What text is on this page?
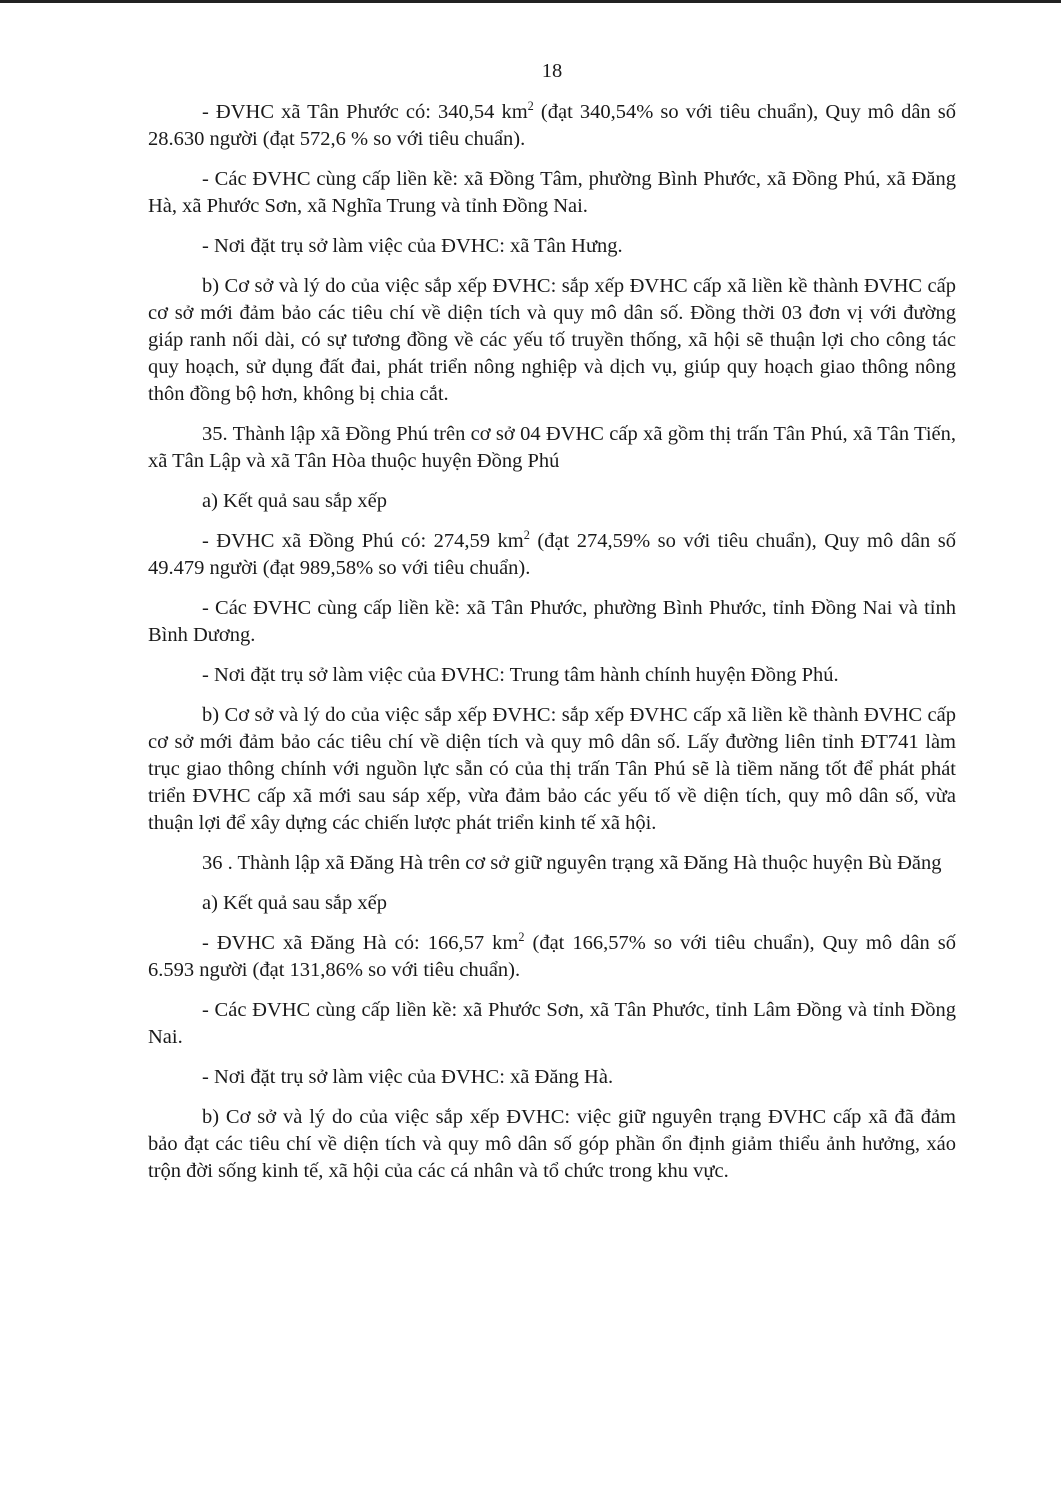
18

- ĐVHC xã Tân Phước có: 340,54 $km^2$ (đạt 340,54% so với tiêu chuẩn), Quy mô dân số 28.630 người (đạt 572,6 % so với tiêu chuẩn).

- Các ĐVHC cùng cấp liền kề: xã Đồng Tâm, phường Bình Phước, xã Đồng Phú, xã Đăng Hà, xã Phước Sơn, xã Nghĩa Trung và tỉnh Đồng Nai.

- Nơi đặt trụ sở làm việc của ĐVHC: xã Tân Hưng.

b) Cơ sở và lý do của việc sắp xếp ĐVHC: sắp xếp ĐVHC cấp xã liền kề thành ĐVHC cấp cơ sở mới đảm bảo các tiêu chí về diện tích và quy mô dân số. Đồng thời 03 đơn vị với đường giáp ranh nối dài, có sự tương đồng về các yếu tố truyền thống, xã hội sẽ thuận lợi cho công tác quy hoạch, sử dụng đất đai, phát triển nông nghiệp và dịch vụ, giúp quy hoạch giao thông nông thôn đồng bộ hơn, không bị chia cắt.

35. Thành lập xã Đồng Phú trên cơ sở 04 ĐVHC cấp xã gồm thị trấn Tân Phú, xã Tân Tiến, xã Tân Lập và xã Tân Hòa thuộc huyện Đồng Phú

a) Kết quả sau sắp xếp

- ĐVHC xã Đồng Phú có: 274,59 $km^2$ (đạt 274,59% so với tiêu chuẩn), Quy mô dân số 49.479 người (đạt 989,58% so với tiêu chuẩn).

- Các ĐVHC cùng cấp liền kề: xã Tân Phước, phường Bình Phước, tỉnh Đồng Nai và tỉnh Bình Dương.

- Nơi đặt trụ sở làm việc của ĐVHC: Trung tâm hành chính huyện Đồng Phú.

b) Cơ sở và lý do của việc sắp xếp ĐVHC: sắp xếp ĐVHC cấp xã liền kề thành ĐVHC cấp cơ sở mới đảm bảo các tiêu chí về diện tích và quy mô dân số. Lấy đường liên tỉnh ĐT741 làm trục giao thông chính với nguồn lực sẵn có của thị trấn Tân Phú sẽ là tiềm năng tốt để phát phát triển ĐVHC cấp xã mới sau sáp xếp, vừa đảm bảo các yếu tố về diện tích, quy mô dân số, vừa thuận lợi để xây dựng các chiến lược phát triển kinh tế xã hội.

36 . Thành lập xã Đăng Hà trên cơ sở giữ nguyên trạng xã Đăng Hà thuộc huyện Bù Đăng

a) Kết quả sau sắp xếp

- ĐVHC xã Đăng Hà có: 166,57 $km^2$ (đạt 166,57% so với tiêu chuẩn), Quy mô dân số 6.593 người (đạt 131,86% so với tiêu chuẩn).

- Các ĐVHC cùng cấp liền kề: xã Phước Sơn, xã Tân Phước, tỉnh Lâm Đồng và tỉnh Đồng Nai.

- Nơi đặt trụ sở làm việc của ĐVHC: xã Đăng Hà.

b) Cơ sở và lý do của việc sắp xếp ĐVHC: việc giữ nguyên trạng ĐVHC cấp xã đã đảm bảo đạt các tiêu chí về diện tích và quy mô dân số góp phần ổn định giảm thiểu ảnh hưởng, xáo trộn đời sống kinh tế, xã hội của các cá nhân và tổ chức trong khu vực.
